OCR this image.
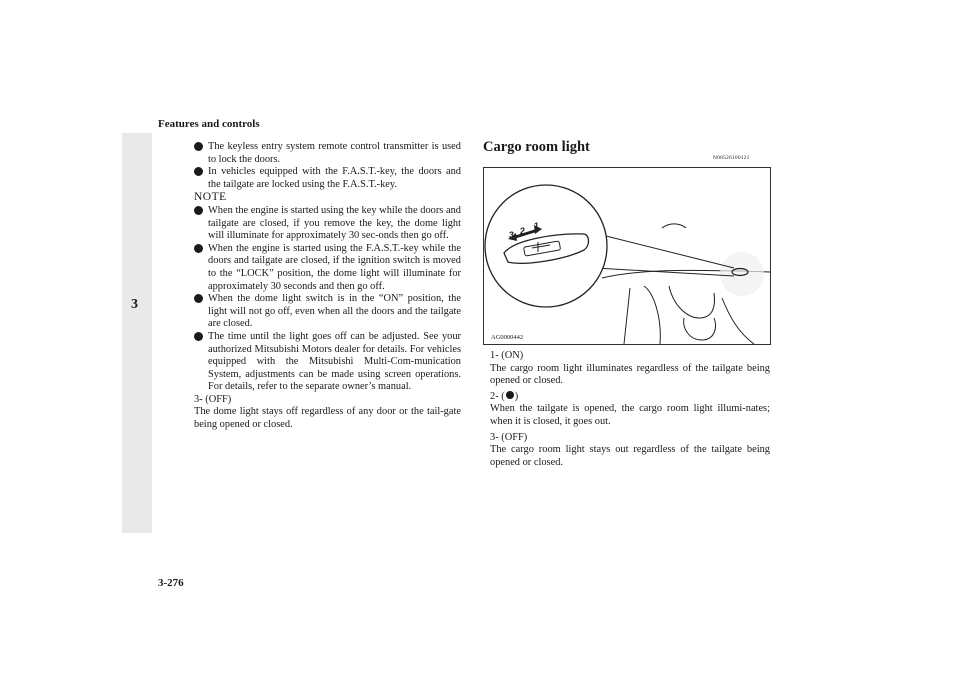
Features and controls
3
3-276

The keyless entry system remote control transmitter is used to lock the doors.

In vehicles equipped with the F.A.S.T.-key, the doors and the tailgate are locked using the F.A.S.T.-key.

NOTE

When the engine is started using the key while the doors and tailgate are closed, if you remove the key, the dome light will illuminate for approximately 30 sec-onds then go off.

When the engine is started using the F.A.S.T.-key while the doors and tailgate are closed, if the ignition switch is moved to the “LOCK” position, the dome light will illuminate for approximately 30 seconds and then go off.

When the dome light switch is in the “ON” position, the light will not go off, even when all the doors and the tailgate are closed.

The time until the light goes off can be adjusted. See your authorized Mitsubishi Motors dealer for details. For vehicles equipped with the Mitsubishi Multi-Com-munication System, adjustments can be made using screen operations. For details, refer to the separate owner’s manual.

3- (OFF)

The dome light stays off regardless of any door or the tail-gate being opened or closed.

Cargo room light
N00526100121
3 2 1
AG0000442

1- (ON)

The cargo room light illuminates regardless of the tailgate being opened or closed.

2- ( )

When the tailgate is opened, the cargo room light illumi-nates; when it is closed, it goes out.

3- (OFF)

The cargo room light stays out regardless of the tailgate being opened or closed.
